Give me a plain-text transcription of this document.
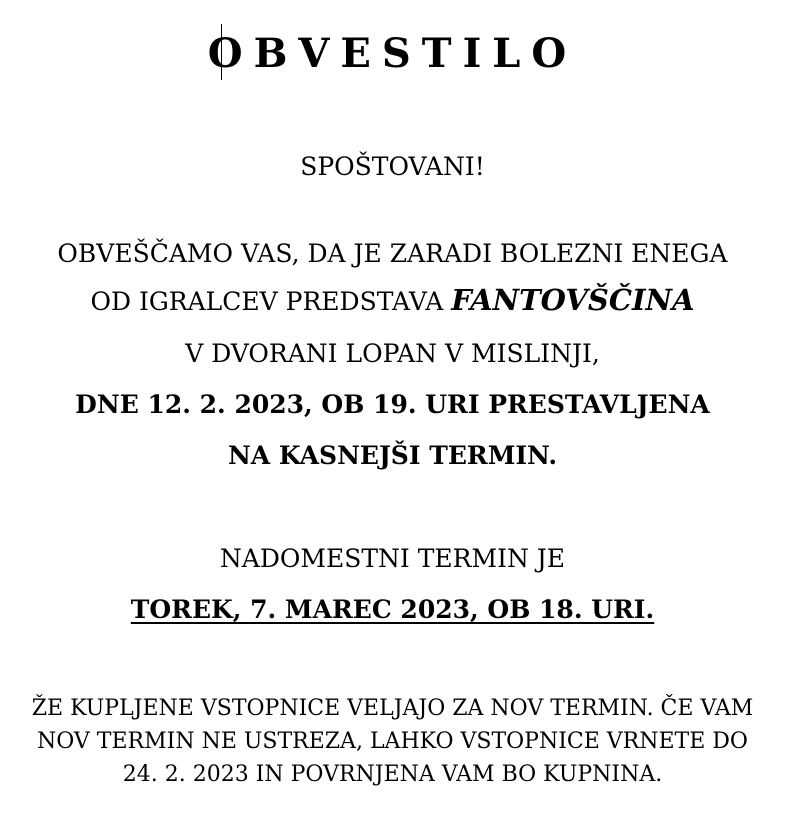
OBVESTILO
SPOŠTOVANI!
OBVEŠČAMO VAS, DA JE ZARADI BOLEZNI ENEGA
OD IGRALCEV PREDSTAVA FANTOVŠČINA
V DVORANI LOPAN V MISLINJI,
DNE 12. 2. 2023, OB 19. URI PRESTAVLJENA
NA KASNEJŠI TERMIN.
NADOMESTNI TERMIN JE
TOREK, 7. MAREC 2023, OB 18. URI.
ŽE KUPLJENE VSTOPNICE VELJAJO ZA NOV TERMIN. ČE VAM
NOV TERMIN NE USTREZA, LAHKO VSTOPNICE VRNETE DO
24. 2. 2023 IN POVRNJENA VAM BO KUPNINA.
